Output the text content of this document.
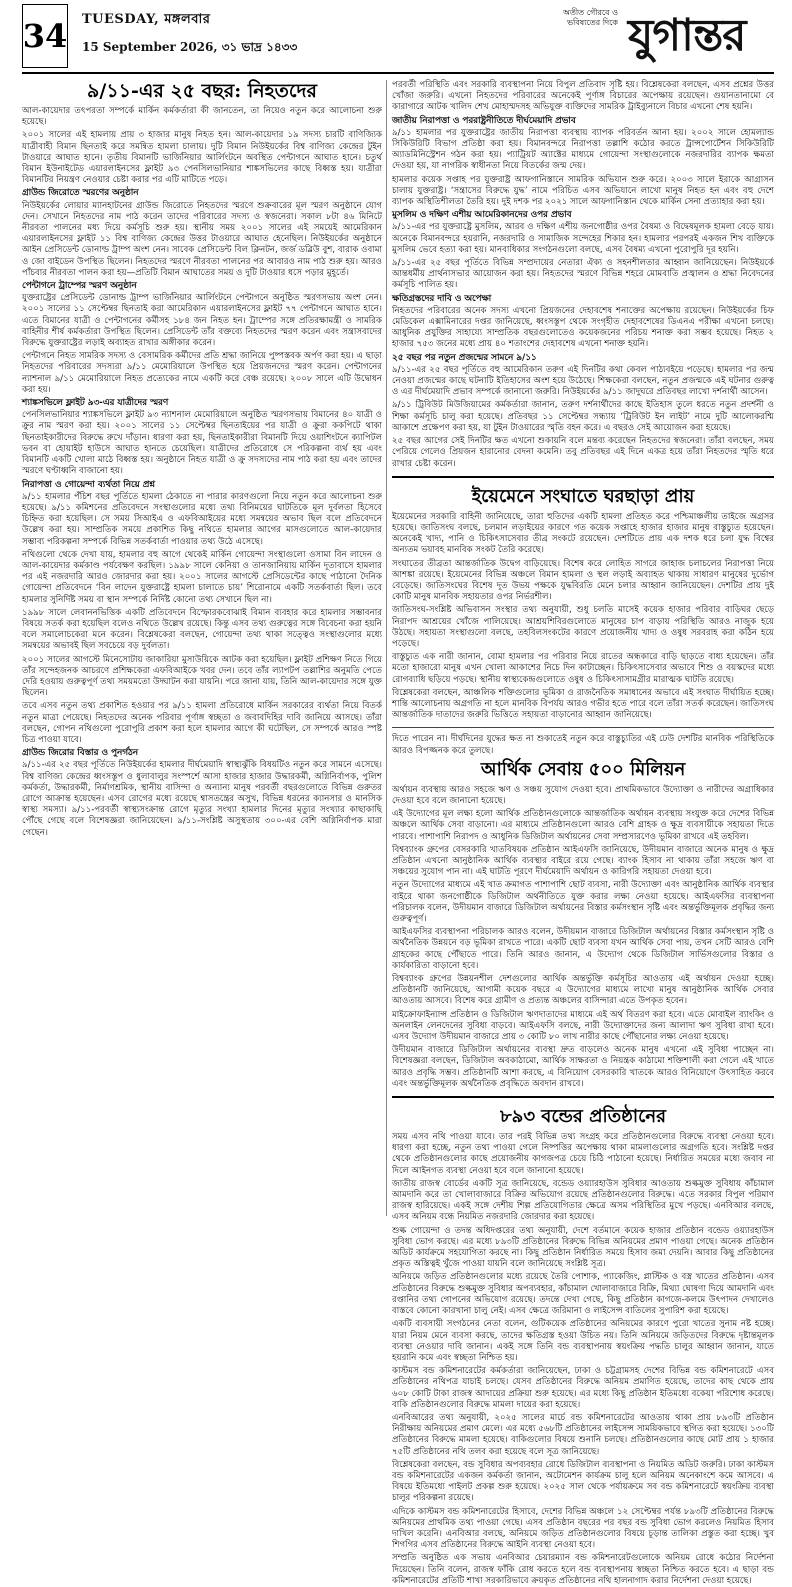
34 TUESDAY, মঙ্গলবার
15 September 2026, ৩১ ভাদ্র ১৪৩৩
অতীত গৌরবে ও ভবিষ্যতের দিকে যুগান্তর
৯/১১-এর ২৫ বছর: নিহতদের

আল-কায়েদার তৎপরতা সম্পর্কে মার্কিন কর্মকর্তারা কী জানতেন, তা নিয়েও নতুন করে আলোচনা শুরু হয়েছে।

২০০১ সালের এই হামলায় প্রায় ৩ হাজার মানুষ নিহত হন। আল-কায়েদার ১৯ সদস্য চারটি বাণিজ্যিক যাত্রীবাহী বিমান ছিনতাই করে সমন্বিত হামলা চালায়। দুটি বিমান নিউইয়র্কের বিশ্ব বাণিজ্য কেন্দ্রের টুইন টাওয়ারে আঘাত হানে। তৃতীয় বিমানটি ভার্জিনিয়ার আর্লিংটনে অবস্থিত পেন্টাগনে আঘাত হানে। চতুর্থ বিমান ইউনাইটেড এয়ারলাইনসের ফ্লাইট ৯৩ পেনসিলভানিয়ার শাঙ্কসভিলের কাছে বিধ্বস্ত হয়। যাত্রীরা বিমানটির নিয়ন্ত্রণ নেওয়ার চেষ্টা করার পর এটি মাটিতে পড়ে।

গ্রাউন্ড জিরোতে স্মরণের অনুষ্ঠান

নিউইয়র্কের লোয়ার ম্যানহাটনের গ্রাউন্ড জিরোতে নিহতদের স্মরণে শুক্রবারের মূল স্মরণ অনুষ্ঠানে যোগ দেন। সেখানে নিহতদের নাম পাঠ করেন তাদের পরিবারের সদস্য ও স্বজনেরা। সকাল ৮টা ৪৬ মিনিটে নীরবতা পালনের মধ্য দিয়ে কর্মসূচি শুরু হয়। স্থানীয় সময় ২০০১ সালের এই সময়েই আমেরিকান এয়ারলাইনসের ফ্লাইট ১১ বিশ্ব বাণিজ্য কেন্দ্রের উত্তর টাওয়ারে আঘাত হেনেছিল। নিউইয়র্কের অনুষ্ঠানে আইন প্রেসিডেন্ট ডোনাল্ড ট্রাম্প অংশ নেন। সাবেক প্রেসিডেন্ট বিল ক্লিনটন, জর্জ ডব্লিউ বুশ, বারাক ওবামা ও জো বাইডেন উপস্থিত ছিলেন। নিহতদের স্মরণে নীরবতা পালনের পর আবারও নাম পাঠ শুরু হয়। আরও পাঁচবার নীরবতা পালন করা হয়—প্রতিটি বিমান আঘাতের সময় ও দুটি টাওয়ার ধসে পড়ার মুহূর্তে।

পেন্টাগনে ট্রাম্পের স্মরণ অনুষ্ঠান

যুক্তরাষ্ট্রের প্রেসিডেন্ট ডোনাল্ড ট্রাম্প ভার্জিনিয়ার আর্লিংটনে পেন্টাগনে অনুষ্ঠিত স্মরণসভায় অংশ নেন। ২০০১ সালের ১১ সেপ্টেম্বর ছিনতাই করা আমেরিকান এয়ারলাইনসের ফ্লাইট ৭৭ পেন্টাগনে আঘাত হানে। এতে বিমানের যাত্রী ও পেন্টাগনের কর্মীসহ ১৮৪ জন নিহত হন। ট্রাম্পের সঙ্গে প্রতিরক্ষামন্ত্রী ও সামরিক বাহিনীর শীর্ষ কর্মকর্তারা উপস্থিত ছিলেন। প্রেসিডেন্ট তাঁর বক্তব্যে নিহতদের স্মরণ করেন এবং সন্ত্রাসবাদের বিরুদ্ধে যুক্তরাষ্ট্রের লড়াই অব্যাহত রাখার অঙ্গীকার করেন।

পেন্টাগনে নিহত সামরিক সদস্য ও বেসামরিক কর্মীদের প্রতি শ্রদ্ধা জানিয়ে পুষ্পস্তবক অর্পণ করা হয়। এ ছাড়া নিহতদের পরিবারের সদস্যরা ৯/১১ মেমোরিয়ালে উপস্থিত হয়ে প্রিয়জনদের স্মরণ করেন। পেন্টাগনের ন্যাশনাল ৯/১১ মেমোরিয়ালে নিহত প্রত্যেকের নামে একটি করে বেঞ্চ রয়েছে। ২০০৮ সালে এটি উদ্বোধন করা হয়।

শ্যাঙ্কসভিলে ফ্লাইট ৯৩-এর যাত্রীদের স্মরণ

পেনসিলভানিয়ার শ্যাঙ্কসভিলে ফ্লাইট ৯৩ ন্যাশনাল মেমোরিয়ালে অনুষ্ঠিত স্মরণসভায় বিমানের ৪০ যাত্রী ও ক্রুর নাম স্মরণ করা হয়। ২০০১ সালের ১১ সেপ্টেম্বর ছিনতাইয়ের পর যাত্রী ও ক্রুরা ককপিটে থাকা ছিনতাইকারীদের বিরুদ্ধে রুখে দাঁড়ান। ধারণা করা হয়, ছিনতাইকারীরা বিমানটি দিয়ে ওয়াশিংটনে ক্যাপিটল ভবন বা হোয়াইট হাউসে আঘাত হানতে চেয়েছিল। যাত্রীদের প্রতিরোধে সে পরিকল্পনা ব্যর্থ হয় এবং বিমানটি একটি খোলা মাঠে বিধ্বস্ত হয়। অনুষ্ঠানে নিহত যাত্রী ও ক্রু সদস্যদের নাম পাঠ করা হয় এবং তাদের স্মরণে ঘণ্টাধ্বনি বাজানো হয়।

নিরাপত্তা ও গোয়েন্দা ব্যর্থতা নিয়ে প্রশ্ন

৯/১১ হামলার পঁচিশ বছর পূর্তিতে হামলা ঠেকাতে না পারার কারণগুলো নিয়ে নতুন করে আলোচনা শুরু হয়েছে। ৯/১১ কমিশনের প্রতিবেদনে সংস্থাগুলোর মধ্যে তথ্য বিনিময়ের ঘাটতিকে মূল দুর্বলতা হিসেবে চিহ্নিত করা হয়েছিল। সে সময় সিআইএ ও এফবিআইয়ের মধ্যে সমন্বয়ের অভাব ছিল বলে প্রতিবেদনে উল্লেখ করা হয়। সাম্প্রতিক সময়ে প্রকাশিত কিছু নথিতে হামলার আগের মাসগুলোতে আল-কায়েদার সম্ভাব্য পরিকল্পনা সম্পর্কে বিভিন্ন সতর্কবার্তা পাওয়ার তথ্য উঠে এসেছে।

নথিগুলো থেকে দেখা যায়, হামলার বহু আগে থেকেই মার্কিন গোয়েন্দা সংস্থাগুলো ওসামা বিন লাদেন ও আল-কায়েদার কর্মকাণ্ড পর্যবেক্ষণ করছিল। ১৯৯৮ সালে কেনিয়া ও তানজানিয়ায় মার্কিন দূতাবাসে হামলার পর এই নজরদারি আরও জোরদার করা হয়। ২০০১ সালের আগস্টে প্রেসিডেন্টের কাছে পাঠানো দৈনিক গোয়েন্দা প্রতিবেদনে ‘বিন লাদেন যুক্তরাষ্ট্রে হামলা চালাতে চায়’ শিরোনামে একটি সতর্কবার্তা ছিল। তবে হামলার সুনির্দিষ্ট সময় বা স্থান সম্পর্কে নির্দিষ্ট কোনো তথ্য সেখানে ছিল না।

১৯৯৮ সালে লেবাননভিত্তিক একটি প্রতিবেদনে বিস্ফোরকবোঝাই বিমান ব্যবহার করে হামলার সম্ভাবনার বিষয়ে সতর্ক করা হয়েছিল বলেও নথিতে উল্লেখ রয়েছে। কিন্তু এসব তথ্য গুরুত্বের সঙ্গে বিবেচনা করা হয়নি বলে সমালোচকেরা মনে করেন। বিশ্লেষকেরা বলছেন, গোয়েন্দা তথ্য থাকা সত্ত্বেও সংস্থাগুলোর মধ্যে সমন্বয়ের অভাবই ছিল সবচেয়ে বড় দুর্বলতা।

২০০১ সালের আগস্টে মিনেসোটায় জাকারিয়া মুসাউয়িকে আটক করা হয়েছিল। ফ্লাইট প্রশিক্ষণ নিতে গিয়ে তাঁর সন্দেহজনক আচরণে প্রশিক্ষকেরা এফবিআইকে খবর দেন। তবে তাঁর ল্যাপটপ তল্লাশির অনুমতি পেতে দেরি হওয়ায় গুরুত্বপূর্ণ তথ্য সময়মতো উদ্ঘাটন করা যায়নি। পরে জানা যায়, তিনি আল-কায়েদার সঙ্গে যুক্ত ছিলেন।

তবে এসব নতুন তথ্য প্রকাশিত হওয়ার পর ৯/১১ হামলা প্রতিরোধে মার্কিন সরকারের ব্যর্থতা নিয়ে বিতর্ক নতুন মাত্রা পেয়েছে। নিহতদের অনেক পরিবার পূর্ণাঙ্গ স্বচ্ছতা ও জবাবদিহির দাবি জানিয়ে আসছে। তাঁরা বলছেন, গোপন নথিগুলো পুরোপুরি প্রকাশ করা হলে হামলার আগে কী ঘটেছিল, সে সম্পর্কে আরও স্পষ্ট চিত্র পাওয়া যাবে।

গ্রাউন্ড জিরোর বিস্তার ও পুনর্গঠন

৯/১১-এর ২৫ বছর পূর্তিতে নিউইয়র্কের হামলার দীর্ঘমেয়াদি স্বাস্থ্যঝুঁকি বিষয়টিও নতুন করে সামনে এসেছে। বিশ্ব বাণিজ্য কেন্দ্রের ধ্বংসস্তূপ ও ধুলাবালুর সংস্পর্শে আসা হাজার হাজার উদ্ধারকর্মী, অগ্নিনির্বাপক, পুলিশ কর্মকর্তা, উদ্ধারকর্মী, নির্মাণশ্রমিক, স্থানীয় বাসিন্দা ও অন্যান্য মানুষ পরবর্তী বছরগুলোতে বিভিন্ন গুরুতর রোগে আক্রান্ত হয়েছেন। এসব রোগের মধ্যে রয়েছে শ্বাসতন্ত্রের অসুখ, বিভিন্ন ধরনের ক্যানসার ও মানসিক স্বাস্থ্য সমস্যা। ৯/১১-পরবর্তী স্বাস্থ্যসংক্রান্ত রোগে মৃত্যুর সংখ্যা হামলার দিনের মৃত্যুর সংখ্যার কাছাকাছি পৌঁছে গেছে বলে বিশেষজ্ঞরা জানিয়েছেন। ৯/১১-সংশ্লিষ্ট অসুস্থতায় ৩০০-এর বেশি অগ্নিনির্বাপক মারা গেছেন।

পরবর্তী পরিস্থিতি এবং সরকারি ব্যবস্থাপনা নিয়ে বিপুল প্রতিবাদ সৃষ্টি হয়। বিশ্লেষকেরা বলছেন, এসব প্রশ্নের উত্তর খোঁজা জরুরি। এখনো নিহতদের পরিবারের অনেকেই পূর্ণাঙ্গ বিচারের অপেক্ষায় রয়েছেন। গুয়ানতানামো বে কারাগারে আটক খালিদ শেখ মোহাম্মদসহ অভিযুক্ত ব্যক্তিদের সামরিক ট্রাইব্যুনালে বিচার এখনো শেষ হয়নি।

জাতীয় নিরাপত্তা ও পররাষ্ট্রনীতিতে দীর্ঘমেয়াদি প্রভাব

৯/১১ হামলার পর যুক্তরাষ্ট্রের জাতীয় নিরাপত্তা ব্যবস্থায় ব্যাপক পরিবর্তন আনা হয়। ২০০২ সালে হোমল্যান্ড সিকিউরিটি বিভাগ প্রতিষ্ঠা করা হয়। বিমানবন্দরে নিরাপত্তা তল্লাশি কঠোর করতে ট্রান্সপোর্টেশন সিকিউরিটি অ্যাডমিনিস্ট্রেশন গঠন করা হয়। প্যাট্রিয়ট অ্যাক্টের মাধ্যমে গোয়েন্দা সংস্থাগুলোকে নজরদারির ব্যাপক ক্ষমতা দেওয়া হয়, যা নাগরিক স্বাধীনতা নিয়ে বিতর্কের জন্ম দেয়।

হামলার কয়েক সপ্তাহ পর যুক্তরাষ্ট্র আফগানিস্তানে সামরিক অভিযান শুরু করে। ২০০৩ সালে ইরাকে আগ্রাসন চালায় যুক্তরাষ্ট্র। ‘সন্ত্রাসের বিরুদ্ধে যুদ্ধ’ নামে পরিচিত এসব অভিযানে লাখো মানুষ নিহত হন এবং বহু দেশে ব্যাপক অস্থিতিশীলতা তৈরি হয়। দুই দশক পর ২০২১ সালে আফগানিস্তান থেকে মার্কিন সেনা প্রত্যাহার করা হয়।

মুসলিম ও দক্ষিণ এশীয় আমেরিকানদের ওপর প্রভাব

৯/১১-এর পর যুক্তরাষ্ট্রে মুসলিম, আরব ও দক্ষিণ এশীয় জনগোষ্ঠীর ওপর বৈষম্য ও বিদ্বেষমূলক হামলা বেড়ে যায়। অনেকে বিমানবন্দরে হয়রানি, নজরদারি ও সামাজিক সন্দেহের শিকার হন। হামলার পরপরই একজন শিখ ব্যক্তিকে মুসলিম ভেবে হত্যা করা হয়। মানবাধিকার সংগঠনগুলো বলছে, এসব বৈষম্য এখনো পুরোপুরি দূর হয়নি।

৯/১১-এর ২৫ বছর পূর্তিতে বিভিন্ন সম্প্রদায়ের নেতারা ঐক্য ও সহনশীলতার আহ্বান জানিয়েছেন। নিউইয়র্কে আন্তধর্মীয় প্রার্থনাসভার আয়োজন করা হয়। নিহতদের স্মরণে বিভিন্ন শহরে মোমবাতি প্রজ্বালন ও শ্রদ্ধা নিবেদনের কর্মসূচি পালিত হয়।

ক্ষতিগ্রস্তদের দাবি ও অপেক্ষা

নিহতদের পরিবারের অনেক সদস্য এখনো প্রিয়জনের দেহাবশেষ শনাক্তের অপেক্ষায় রয়েছেন। নিউইয়র্কের চিফ মেডিকেল এক্সামিনারের দপ্তর জানিয়েছে, ধ্বংসস্তূপ থেকে সংগৃহীত দেহাবশেষের ডিএনএ পরীক্ষা এখনো চলছে। আধুনিক প্রযুক্তির সাহায্যে সাম্প্রতিক বছরগুলোতেও কয়েকজনের পরিচয় শনাক্ত করা সম্ভব হয়েছে। নিহত ২ হাজার ৭৫৩ জনের মধ্যে প্রায় ৪০ শতাংশের দেহাবশেষ এখনো শনাক্ত হয়নি।

২৫ বছর পর নতুন প্রজন্মের সামনে ৯/১১

৯/১১-এর ২৫ বছর পূর্তিতে বহু আমেরিকান তরুণ এই দিনটির কথা কেবল পাঠ্যবইয়ে পড়েছে। হামলার পর জন্ম নেওয়া প্রজন্মের কাছে ঘটনাটি ইতিহাসের অংশ হয়ে উঠেছে। শিক্ষকেরা বলছেন, নতুন প্রজন্মকে এই ঘটনার গুরুত্ব ও এর দীর্ঘমেয়াদি প্রভাব সম্পর্কে জানানো জরুরি। নিউইয়র্কের ৯/১১ জাদুঘরে প্রতিবছর লাখো দর্শনার্থী আসেন।

৯/১১ ট্রিবিউট মিউজিয়ামের কর্মকর্তারা জানান, তরুণ দর্শনার্থীদের কাছে ইতিহাস তুলে ধরতে নতুন প্রদর্শনী ও শিক্ষা কর্মসূচি চালু করা হয়েছে। প্রতিবছর ১১ সেপ্টেম্বর সন্ধ্যায় ‘ট্রিবিউট ইন লাইট’ নামে দুটি আলোকরশ্মি আকাশে প্রক্ষেপণ করা হয়, যা টুইন টাওয়ারের স্মৃতি বহন করে। এ বছরও সেই আয়োজন করা হয়েছে।

২৫ বছর আগের সেই দিনটির ক্ষত এখনো শুকায়নি বলে মন্তব্য করেছেন নিহতদের স্বজনেরা। তাঁরা বলছেন, সময় পেরিয়ে গেলেও প্রিয়জন হারানোর বেদনা কমেনি। তবু প্রতিবছর এই দিনে একত্র হয়ে তাঁরা নিহতদের স্মৃতি ধরে রাখার চেষ্টা করেন।

ইয়েমেনে সংঘাতে ঘরছাড়া প্রায়

ইয়েমেনের সরকারি বাহিনী জানিয়েছে, তারা হুতিদের একটি হামলা প্রতিহত করে পশ্চিমাঞ্চলীয় তাইজে অগ্রসর হয়েছে। জাতিসংঘ বলছে, চলমান লড়াইয়ের কারণে গত কয়েক সপ্তাহে হাজার হাজার মানুষ বাস্তুচ্যুত হয়েছেন। অনেকেই খাদ্য, পানি ও চিকিৎসাসেবার তীব্র সংকটে রয়েছেন। দেশটিতে প্রায় এক দশক ধরে চলা যুদ্ধ বিশ্বের অন্যতম ভয়াবহ মানবিক সংকট তৈরি করেছে।

সংঘাতের তীব্রতা আন্তর্জাতিক উদ্বেগ বাড়িয়েছে। বিশেষ করে লোহিত সাগরে জাহাজ চলাচলের নিরাপত্তা নিয়ে আশঙ্কা রয়েছে। ইয়েমেনের বিভিন্ন অঞ্চলে বিমান হামলা ও স্থল লড়াই অব্যাহত থাকায় সাধারণ মানুষের দুর্ভোগ বেড়েছে। জাতিসংঘের বিশেষ দূত উভয় পক্ষকে যুদ্ধবিরতি মেনে চলার আহ্বান জানিয়েছেন। দেশটির প্রায় দুই কোটি মানুষ মানবিক সহায়তার ওপর নির্ভরশীল।

জাতিসংঘ-সংশ্লিষ্ট অভিবাসন সংস্থার তথ্য অনুযায়ী, শুধু চলতি মাসেই কয়েক হাজার পরিবার বাড়িঘর ছেড়ে নিরাপদ আশ্রয়ের খোঁজে পালিয়েছে। আশ্রয়শিবিরগুলোতে মানুষের চাপ বাড়ায় পরিস্থিতি আরও নাজুক হয়ে উঠছে। সহায়তা সংস্থাগুলো বলছে, তহবিলসংকটের কারণে প্রয়োজনীয় খাদ্য ও ওষুধ সরবরাহ করা কঠিন হয়ে পড়েছে।

বাস্তুচ্যুত এক নারী জানান, বোমা হামলার পর পরিবার নিয়ে রাতের অন্ধকারে বাড়ি ছাড়তে বাধ্য হয়েছেন। তাঁর মতো হাজারো মানুষ এখন খোলা আকাশের নিচে দিন কাটাচ্ছেন। চিকিৎসাসেবার অভাবে শিশু ও বয়স্কদের মধ্যে রোগব্যাধি ছড়িয়ে পড়ছে। স্থানীয় স্বাস্থ্যকেন্দ্রগুলোতে ওষুধ ও চিকিৎসাসামগ্রীর মারাত্মক ঘাটতি রয়েছে।

বিশ্লেষকেরা বলছেন, আঞ্চলিক শক্তিগুলোর ভূমিকা ও রাজনৈতিক সমাধানের অভাবে এই সংঘাত দীর্ঘায়িত হচ্ছে। শান্তি আলোচনায় অগ্রগতি না হলে মানবিক বিপর্যয় আরও গভীর হতে পারে বলে তাঁরা সতর্ক করেছেন। জাতিসংঘ আন্তর্জাতিক দাতাদের জরুরি ভিত্তিতে সহায়তা বাড়ানোর আহ্বান জানিয়েছে।

দিতে পারেন না। দীর্ঘদিনের যুদ্ধের ক্ষত না শুকাতেই নতুন করে বাস্তুচ্যুতির এই ঢেউ দেশটির মানবিক পরিস্থিতিকে আরও বিপজ্জনক করে তুলছে।

আর্থিক সেবায় ৫০০ মিলিয়ন

অর্থায়ন ব্যবস্থায় আরও সহজে ঋণ ও সঞ্চয় সুযোগ দেওয়া হবে। প্রাথমিকভাবে উদ্যোক্তা ও নারীদের অগ্রাধিকার দেওয়া হবে বলে জানানো হয়েছে।

এই উদ্যোগের মূল লক্ষ্য হলো আর্থিক প্রতিষ্ঠানগুলোকে আন্তর্জাতিক অর্থায়ন ব্যবস্থায় সংযুক্ত করে দেশের বিভিন্ন অঞ্চলে আর্থিক সেবা বাড়ানো। এর মাধ্যমে প্রতিষ্ঠানগুলো আরও বেশি গ্রাহক ও ক্ষুদ্র ব্যবসায়ীকে সহায়তা দিতে পারবে। পাশাপাশি নিরাপদ ও আধুনিক ডিজিটাল অর্থায়নের সেবা সম্প্রসারণেও ভূমিকা রাখবে এই তহবিল।

বিশ্বব্যাংক গ্রুপের বেসরকারি খাতবিষয়ক প্রতিষ্ঠান আইএফসি জানিয়েছে, উদীয়মান বাজারে অনেক মানুষ ও ক্ষুদ্র প্রতিষ্ঠান এখনো আনুষ্ঠানিক আর্থিক ব্যবস্থার বাইরে রয়ে গেছে। ব্যাংক হিসাব না থাকায় তাঁরা সহজে ঋণ বা সঞ্চয়ের সুযোগ পান না। এই ঘাটতি পূরণে দীর্ঘমেয়াদি অর্থায়ন ও কারিগরি সহায়তা দেওয়া হবে।

নতুন উদ্যোগের মাধ্যমে এই খাত ক্রমাগত পাশাপাশি ছোট ব্যবসা, নারী উদ্যোক্তা এবং আনুষ্ঠানিক আর্থিক ব্যবস্থার বাইরে থাকা জনগোষ্ঠীকে ডিজিটাল অর্থনীতিতে যুক্ত করার লক্ষ্য নেওয়া হয়েছে। আইএফসির ব্যবস্থাপনা পরিচালক বলেন, উদীয়মান বাজারে ডিজিটাল অর্থায়নের বিস্তার কর্মসংস্থান সৃষ্টি এবং অন্তর্ভুক্তিমূলক প্রবৃদ্ধির জন্য গুরুত্বপূর্ণ।

আইএফসির ব্যবস্থাপনা পরিচালক আরও বলেন, উদীয়মান বাজারে ডিজিটাল অর্থায়নের বিস্তার কর্মসংস্থান সৃষ্টি ও অর্থনৈতিক উন্নয়নে বড় ভূমিকা রাখতে পারে। একটি ছোট ব্যবসা যখন আর্থিক সেবা পায়, তখন সেটি আরও বেশি গ্রাহকের কাছে পৌঁছাতে পারে। তিনি আরও জানান, এ উদ্যোগ থেকে ডিজিটাল সার্ভিসগুলোর বিস্তার ও কার্যকারিতা বাড়ানো হবে।

বিশ্বব্যাংক গ্রুপের উন্নয়নশীল দেশগুলোর আর্থিক অন্তর্ভুক্তি কর্মসূচির আওতায় এই অর্থায়ন দেওয়া হচ্ছে। প্রতিষ্ঠানটি জানিয়েছে, আগামী কয়েক বছরে এ উদ্যোগের মাধ্যমে লাখো মানুষ আনুষ্ঠানিক আর্থিক সেবার আওতায় আসবে। বিশেষ করে গ্রামীণ ও প্রত্যন্ত অঞ্চলের বাসিন্দারা এতে উপকৃত হবেন।

মাইক্রোফাইন্যান্স প্রতিষ্ঠান ও ডিজিটাল ঋণদাতাদের মাধ্যমে এই অর্থ বিতরণ করা হবে। এতে মোবাইল ব্যাংকিং ও অনলাইন লেনদেনের সুবিধা বাড়বে। আইএফসি বলছে, নারী উদ্যোক্তাদের জন্য আলাদা ঋণ সুবিধা রাখা হবে। এসব উদ্যোগ উদীয়মান বাজারে প্রায় ৩ কোটি ৮০ লাখ নারীর কাছে পৌঁছানোর লক্ষ্য নেওয়া হয়েছে।

উদীয়মান বাজারে ডিজিটাল অর্থায়নের ব্যবস্থা দ্রুত বাড়লেও অনেক মানুষ এখনো এই সুবিধা পাচ্ছেন না। বিশেষজ্ঞরা বলছেন, ডিজিটাল অবকাঠামো, আর্থিক সাক্ষরতা ও নিয়ন্ত্রক কাঠামো শক্তিশালী করা গেলে এই খাতে আরও প্রবৃদ্ধি সম্ভব। প্রতিষ্ঠানটি আশা করছে, এ বিনিয়োগ বেসরকারি খাতকে আরও বিনিয়োগে উৎসাহিত করবে এবং অন্তর্ভুক্তিমূলক অর্থনৈতিক প্রবৃদ্ধিতে অবদান রাখবে।

৮৯৩ বন্ডের প্রতিষ্ঠানের

সময় এসব নথি পাওয়া যাবে। তার পরই বিভিন্ন তথ্য সংগ্রহ করে প্রতিষ্ঠানগুলোর বিরুদ্ধে ব্যবস্থা নেওয়া হবে। ধারণা করা হচ্ছে, নতুন তথ্য পাওয়া গেলে নিষ্পত্তির অপেক্ষায় থাকা মামলাগুলোর অগ্রগতি হবে। সংশ্লিষ্ট দপ্তর থেকে প্রতিষ্ঠানগুলোর কাছে প্রয়োজনীয় কাগজপত্র চেয়ে চিঠি পাঠানো হয়েছে। নির্ধারিত সময়ের মধ্যে জবাব না দিলে আইনগত ব্যবস্থা নেওয়া হবে বলে জানানো হয়েছে।

জাতীয় রাজস্ব বোর্ডের একটি সূত্র জানিয়েছে, বন্ডেড ওয়্যারহাউস সুবিধার আওতায় শুল্কমুক্ত সুবিধায় কাঁচামাল আমদানি করে তা খোলাবাজারে বিক্রির অভিযোগ রয়েছে প্রতিষ্ঠানগুলোর বিরুদ্ধে। এতে সরকার বিপুল পরিমাণ রাজস্ব হারিয়েছে। একই সঙ্গে দেশীয় শিল্প প্রতিযোগিতার ক্ষেত্রে অসম পরিস্থিতির মুখে পড়ছে। এনবিআর বলছে, এসব অনিয়ম বন্ধে নিয়মিত নজরদারি জোরদার করা হয়েছে।

শুল্ক গোয়েন্দা ও তদন্ত অধিদপ্তরের তথ্য অনুযায়ী, দেশে বর্তমানে কয়েক হাজার প্রতিষ্ঠান বন্ডেড ওয়্যারহাউস সুবিধা ভোগ করছে। এর মধ্যে ৮৯৩টি প্রতিষ্ঠানের বিরুদ্ধে বিভিন্ন অনিয়মের প্রমাণ পাওয়া গেছে। অনেক প্রতিষ্ঠান অডিট কার্যক্রমে সহযোগিতা করছে না। কিছু প্রতিষ্ঠান নির্ধারিত সময়ে হিসাব জমা দেয়নি। আবার কিছু প্রতিষ্ঠানের প্রকৃত অস্তিত্বই খুঁজে পাওয়া যায়নি বলে জানিয়েছে সংশ্লিষ্ট সূত্র।

অনিয়মে জড়িত প্রতিষ্ঠানগুলোর মধ্যে রয়েছে তৈরি পোশাক, প্যাকেজিং, প্লাস্টিক ও বস্ত্র খাতের প্রতিষ্ঠান। এসব প্রতিষ্ঠানের বিরুদ্ধে শুল্কমুক্ত সুবিধার অপব্যবহার, কাঁচামাল খোলাবাজারে বিক্রি, মিথ্যা ঘোষণা দিয়ে আমদানি এবং রপ্তানির তথ্য গোপনের অভিযোগ রয়েছে। তদন্তে দেখা গেছে, কিছু প্রতিষ্ঠান কাগজে-কলমে উৎপাদন দেখালেও বাস্তবে কোনো কারখানা চালু নেই। এসব ক্ষেত্রে জরিমানা ও লাইসেন্স বাতিলের সুপারিশ করা হয়েছে।

একটি ব্যবসায়ী সংগঠনের নেতা বলেন, গুটিকয়েক প্রতিষ্ঠানের অনিয়মের কারণে পুরো খাতের সুনাম নষ্ট হচ্ছে। যারা নিয়ম মেনে ব্যবসা করছে, তাদের ক্ষতিগ্রস্ত হওয়া উচিত নয়। তিনি অনিয়মে জড়িতদের বিরুদ্ধে দৃষ্টান্তমূলক ব্যবস্থা নেওয়ার দাবি জানান। একই সঙ্গে তিনি বন্ড ব্যবস্থাপনায় স্বয়ংক্রিয় পদ্ধতি চালুর আহ্বান জানান, যাতে হয়রানি কমে এবং স্বচ্ছতা নিশ্চিত হয়।

কাস্টমস বন্ড কমিশনারেটের কর্মকর্তারা জানিয়েছেন, ঢাকা ও চট্টগ্রামসহ দেশের বিভিন্ন বন্ড কমিশনারেটে এসব প্রতিষ্ঠানের নথিপত্র যাচাই চলছে। যেসব প্রতিষ্ঠানের বিরুদ্ধে অনিয়ম প্রমাণিত হয়েছে, তাদের কাছ থেকে প্রায় ৬০৮ কোটি টাকা রাজস্ব আদায়ের প্রক্রিয়া শুরু হয়েছে। এর মধ্যে কিছু প্রতিষ্ঠান ইতিমধ্যে বকেয়া পরিশোধ করেছে। বাকি প্রতিষ্ঠানগুলোর বিরুদ্ধে মামলা দায়ের করা হয়েছে।

এনবিআরের তথ্য অনুযায়ী, ২০২৫ সালের মার্চে বন্ড কমিশনারেটের আওতায় থাকা প্রায় ৮৯৩টি প্রতিষ্ঠান নিরীক্ষায় অনিয়মের প্রমাণ মেলে। এর মধ্যে ৫৬৮টি প্রতিষ্ঠানের লাইসেন্স সাময়িকভাবে স্থগিত করা হয়েছে। ১৩০টি প্রতিষ্ঠানের বিরুদ্ধে মামলা হয়েছে। বাকিগুলোর বিষয়ে শুনানি চলছে। প্রতিষ্ঠানগুলোর কাছে মোট প্রায় ১ হাজার ৭৫টি প্রতিষ্ঠানের নথি তলব করা হয়েছে বলে সূত্র জানিয়েছে।

বিশ্লেষকেরা বলছেন, বন্ড সুবিধার অপব্যবহার রোধে ডিজিটাল ব্যবস্থাপনা ও নিয়মিত অডিট জরুরি। ঢাকা কাস্টমস বন্ড কমিশনারেটের একজন কর্মকর্তা জানান, অটোমেশন কার্যক্রম চালু হলে অনিয়ম অনেকাংশে কমে আসবে। এ বিষয়ে ইতিমধ্যে পাইলট প্রকল্প শুরু হয়েছে। ২০২৫ সাল থেকে পর্যায়ক্রমে সব বন্ড কমিশনারেটে স্বয়ংক্রিয় ব্যবস্থা চালুর পরিকল্পনা রয়েছে।

এদিকে কাস্টমস বন্ড কমিশনারেটের হিসাবে, দেশের বিভিন্ন অঞ্চলে ১২ সেপ্টেম্বর পর্যন্ত ৮৯৩টি প্রতিষ্ঠানের বিরুদ্ধে অনিয়মের প্রাথমিক তথ্য পাওয়া গেছে। এসব প্রতিষ্ঠান বছরের পর বছর বন্ড সুবিধা ভোগ করলেও নিয়মিত হিসাব দাখিল করেনি। এনবিআর বলছে, অনিয়মে জড়িত প্রতিষ্ঠানগুলোর বিষয়ে চূড়ান্ত তালিকা প্রস্তুত করা হচ্ছে। খুব শিগগির এসব প্রতিষ্ঠানের বিরুদ্ধে আইনি ব্যবস্থা নেওয়া হবে।

সম্প্রতি অনুষ্ঠিত এক সভায় এনবিআর চেয়ারম্যান বন্ড কমিশনারেটগুলোকে অনিয়ম রোধে কঠোর নির্দেশনা দিয়েছেন। তিনি বলেন, রাজস্ব ফাঁকি রোধ করতে হলে বন্ড ব্যবস্থাপনায় স্বচ্ছতা নিশ্চিত করতে হবে। এ ছাড়া বন্ড কমিশনারেটের প্রতিটি শাখা সরকারিভাবে ক্রয়কৃত প্রতিষ্ঠানের নথি হালনাগাদ করার নির্দেশনা দেওয়া হয়েছে।
